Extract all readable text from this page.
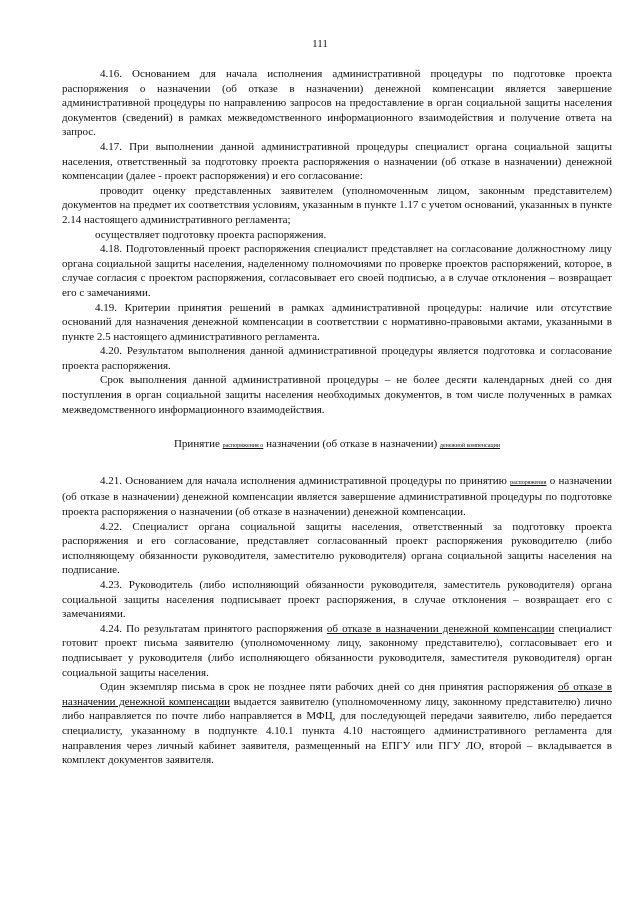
111

4.16. Основанием для начала исполнения административной процедуры по подготовке проекта распоряжения о назначении (об отказе в назначении) денежной компенсации является завершение административной процедуры по направлению запросов на предоставление в орган социальной защиты населения документов (сведений) в рамках межведомственного информационного взаимодействия и получение ответа на запрос.

4.17. При выполнении данной административной процедуры специалист органа социальной защиты населения, ответственный за подготовку проекта распоряжения о назначении (об отказе в назначении) денежной компенсации (далее - проект распоряжения) и его согласование:

проводит оценку представленных заявителем (уполномоченным лицом, законным представителем) документов на предмет их соответствия условиям, указанным в пункте 1.17 с учетом оснований, указанных в пункте 2.14 настоящего административного регламента;

осуществляет подготовку проекта распоряжения.

4.18. Подготовленный проект распоряжения специалист представляет на согласование должностному лицу органа социальной защиты населения, наделенному полномочиями по проверке проектов распоряжений, которое, в случае согласия с проектом распоряжения, согласовывает его своей подписью, а в случае отклонения – возвращает его с замечаниями.

4.19. Критерии принятия решений в рамках административной процедуры: наличие или отсутствие оснований для назначения денежной компенсации в соответствии с нормативно-правовыми актами, указанными в пункте 2.5 настоящего административного регламента.

4.20. Результатом выполнения данной административной процедуры является подготовка и согласование проекта распоряжения.

Срок выполнения данной административной процедуры – не более десяти календарных дней со дня поступления в орган социальной защиты населения необходимых документов, в том числе полученных в рамках межведомственного информационного взаимодействия.

Принятие распоряжения о назначении (об отказе в назначении) денежной компенсации

4.21. Основанием для начала исполнения административной процедуры по принятию распоряжения о назначении (об отказе в назначении) денежной компенсации является завершение административной процедуры по подготовке проекта распоряжения о назначении (об отказе в назначении) денежной компенсации.

4.22. Специалист органа социальной защиты населения, ответственный за подготовку проекта распоряжения и его согласование, представляет согласованный проект распоряжения руководителю (либо исполняющему обязанности руководителя, заместителю руководителя) органа социальной защиты населения на подписание.

4.23. Руководитель (либо исполняющий обязанности руководителя, заместитель руководителя) органа социальной защиты населения подписывает проект распоряжения, в случае отклонения – возвращает его с замечаниями.

4.24. По результатам принятого распоряжения об отказе в назначении денежной компенсации специалист готовит проект письма заявителю (уполномоченному лицу, законному представителю), согласовывает его и подписывает у руководителя (либо исполняющего обязанности руководителя, заместителя руководителя) орган социальной защиты населения.

Один экземпляр письма в срок не позднее пяти рабочих дней со дня принятия распоряжения об отказе в назначении денежной компенсации выдается заявителю (уполномоченному лицу, законному представителю) лично либо направляется по почте либо направляется в МФЦ, для последующей передачи заявителю, либо передается специалисту, указанному в подпункте 4.10.1 пункта 4.10 настоящего административного регламента для направления через личный кабинет заявителя, размещенный на ЕПГУ или ПГУ ЛО, второй – вкладывается в комплект документов заявителя.
